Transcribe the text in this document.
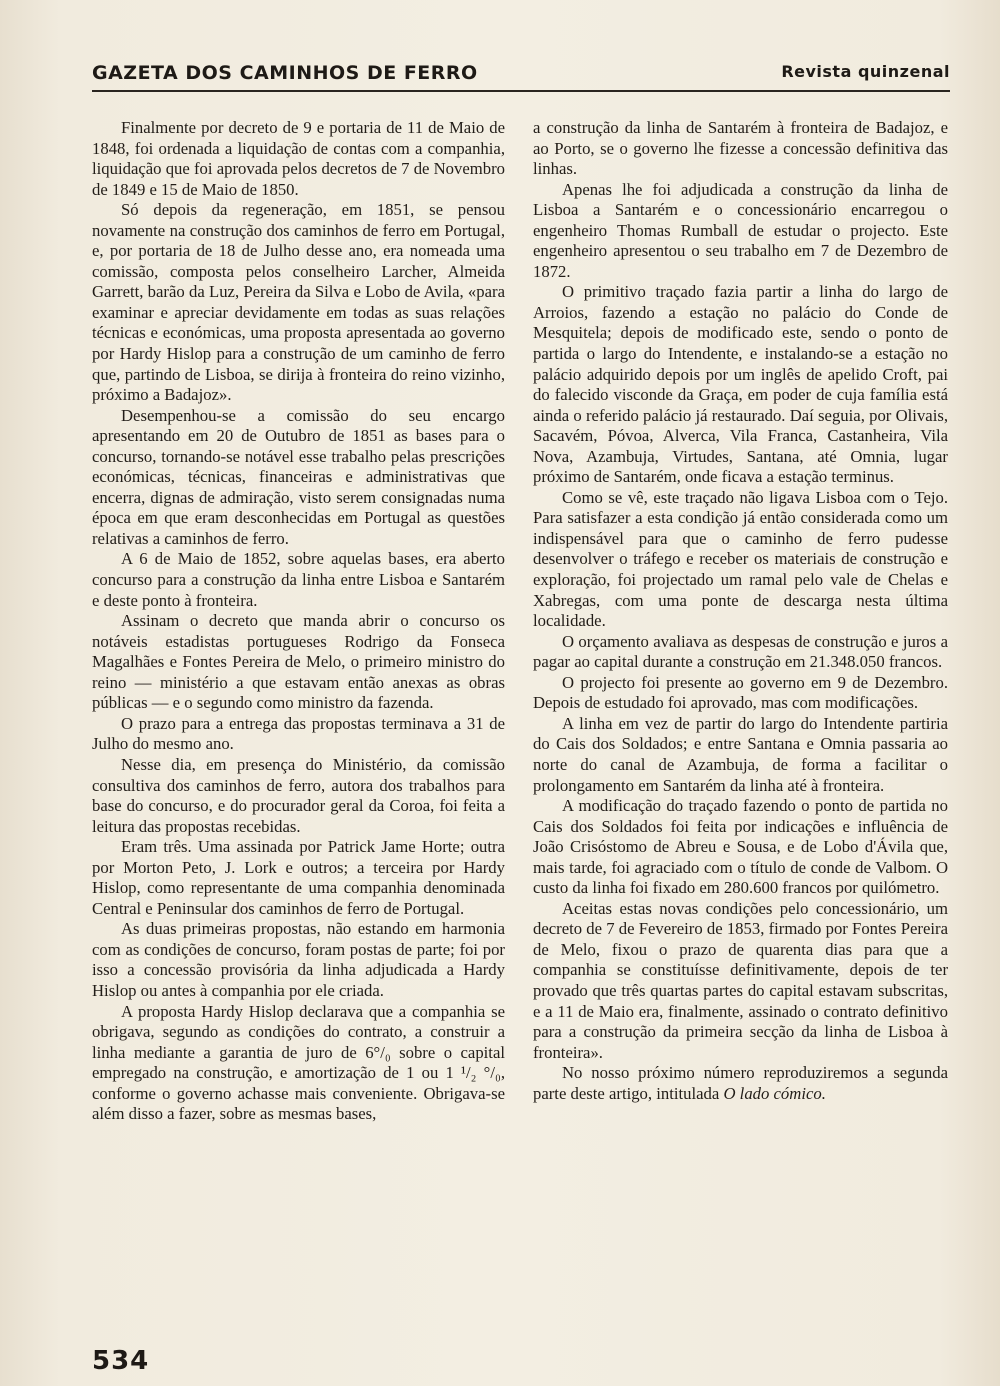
GAZETA DOS CAMINHOS DE FERRO	Revista quinzenal

Finalmente por decreto de 9 e portaria de 11 de Maio de 1848, foi ordenada a liquidação de contas com a companhia, liquidação que foi aprovada pelos decretos de 7 de Novembro de 1849 e 15 de Maio de 1850.

Só depois da regeneração, em 1851, se pensou novamente na construção dos caminhos de ferro em Portugal, e, por portaria de 18 de Julho desse ano, era nomeada uma comissão, composta pelos conselheiro Larcher, Almeida Garrett, barão da Luz, Pereira da Silva e Lobo de Avila, «para examinar e apreciar devidamente em todas as suas relações técnicas e económicas, uma proposta apresentada ao governo por Hardy Hislop para a construção de um caminho de ferro que, partindo de Lisboa, se dirija à fronteira do reino vizinho, próximo a Badajoz».

Desempenhou-se a comissão do seu encargo apresentando em 20 de Outubro de 1851 as bases para o concurso, tornando-se notável esse trabalho pelas prescrições económicas, técnicas, financeiras e administrativas que encerra, dignas de admiração, visto serem consignadas numa época em que eram desconhecidas em Portugal as questões relativas a caminhos de ferro.

A 6 de Maio de 1852, sobre aquelas bases, era aberto concurso para a construção da linha entre Lisboa e Santarém e deste ponto à fronteira.

Assinam o decreto que manda abrir o concurso os notáveis estadistas portugueses Rodrigo da Fonseca Magalhães e Fontes Pereira de Melo, o primeiro ministro do reino — ministério a que estavam então anexas as obras públicas — e o segundo como ministro da fazenda.

O prazo para a entrega das propostas terminava a 31 de Julho do mesmo ano.

Nesse dia, em presença do Ministério, da comissão consultiva dos caminhos de ferro, autora dos trabalhos para base do concurso, e do procurador geral da Coroa, foi feita a leitura das propostas recebidas.

Eram três. Uma assinada por Patrick Jame Horte; outra por Morton Peto, J. Lork e outros; a terceira por Hardy Hislop, como representante de uma companhia denominada Central e Peninsular dos caminhos de ferro de Portugal.

As duas primeiras propostas, não estando em harmonia com as condições de concurso, foram postas de parte; foi por isso a concessão provisória da linha adjudicada a Hardy Hislop ou antes à companhia por ele criada.

A proposta Hardy Hislop declarava que a companhia se obrigava, segundo as condições do contrato, a construir a linha mediante a garantia de juro de 6°/₀ sobre o capital empregado na construção, e amortização de 1 ou 1 ¹/₂ °/₀, conforme o governo achasse mais conveniente. Obrigava-se além disso a fazer, sobre as mesmas bases,

a construção da linha de Santarém à fronteira de Badajoz, e ao Porto, se o governo lhe fizesse a concessão definitiva das linhas.

Apenas lhe foi adjudicada a construção da linha de Lisboa a Santarém e o concessionário encarregou o engenheiro Thomas Rumball de estudar o projecto. Este engenheiro apresentou o seu trabalho em 7 de Dezembro de 1872.

O primitivo traçado fazia partir a linha do largo de Arroios, fazendo a estação no palácio do Conde de Mesquitela; depois de modificado este, sendo o ponto de partida o largo do Intendente, e instalando-se a estação no palácio adquirido depois por um inglês de apelido Croft, pai do falecido visconde da Graça, em poder de cuja família está ainda o referido palácio já restaurado. Daí seguia, por Olivais, Sacavém, Póvoa, Alverca, Vila Franca, Castanheira, Vila Nova, Azambuja, Virtudes, Santana, até Omnia, lugar próximo de Santarém, onde ficava a estação terminus.

Como se vê, este traçado não ligava Lisboa com o Tejo. Para satisfazer a esta condição já então considerada como um indispensável para que o caminho de ferro pudesse desenvolver o tráfego e receber os materiais de construção e exploração, foi projectado um ramal pelo vale de Chelas e Xabregas, com uma ponte de descarga nesta última localidade.

O orçamento avaliava as despesas de construção e juros a pagar ao capital durante a construção em 21.348.050 francos.

O projecto foi presente ao governo em 9 de Dezembro. Depois de estudado foi aprovado, mas com modificações.

A linha em vez de partir do largo do Intendente partiria do Cais dos Soldados; e entre Santana e Omnia passaria ao norte do canal de Azambuja, de forma a facilitar o prolongamento em Santarém da linha até à fronteira.

A modificação do traçado fazendo o ponto de partida no Cais dos Soldados foi feita por indicações e influência de João Crisóstomo de Abreu e Sousa, e de Lobo d'Ávila que, mais tarde, foi agraciado com o título de conde de Valbom. O custo da linha foi fixado em 280.600 francos por quilómetro.

Aceitas estas novas condições pelo concessionário, um decreto de 7 de Fevereiro de 1853, firmado por Fontes Pereira de Melo, fixou o prazo de quarenta dias para que a companhia se constituísse definitivamente, depois de ter provado que três quartas partes do capital estavam subscritas, e a 11 de Maio era, finalmente, assinado o contrato definitivo para a construção da primeira secção da linha de Lisboa à fronteira».

No nosso próximo número reproduziremos a segunda parte deste artigo, intitulada O lado cómico.

534
